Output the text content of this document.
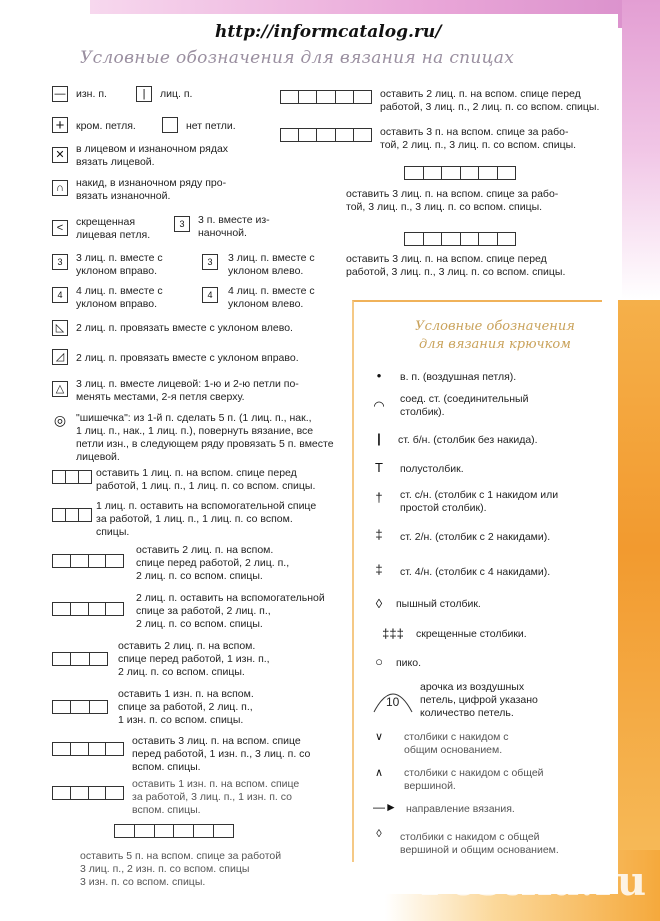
http://informcatalog.ru/
Условные обозначения для вязания на спицах
— изн. п.	|	лиц. п.
+	кром. петля.	нет петли.
✕	в лицевом и изнаночном рядах
вязать лицевой.
∩	накид, в изнаночном ряду про-
вязать изнаночной.
<	скрещенная
лицевая петля.
3	3 п. вместе из-
наночной.
3	3 лиц. п. вместе с
уклоном вправо.
3	3 лиц. п. вместе с
уклоном влево.
4	4 лиц. п. вместе с
уклоном вправо.
4	4 лиц. п. вместе с
уклоном влево.
◺	2 лиц. п. провязать вместе с уклоном влево.
◿	2 лиц. п. провязать вместе с уклоном вправо.
△	3 лиц. п. вместе лицевой: 1-ю и 2-ю петли по-
менять местами, 2-я петля сверху.
◎ "шишечка": из 1-й п. сделать 5 п. (1 лиц. п., нак.,
1 лиц. п., нак., 1 лиц. п.), повернуть вязание, все
петли изн., в следующем ряду провязать 5 п. вместе
лицевой.
оставить 1 лиц. п. на вспом. спице перед
работой, 1 лиц. п., 1 лиц. п. со вспом. спицы.
1 лиц. п. оставить на вспомогательной спице
за работой, 1 лиц. п., 1 лиц. п. со вспом.
спицы.
оставить 2 лиц. п. на вспом.
спице перед работой, 2 лиц. п.,
2 лиц. п. со вспом. спицы.
2 лиц. п. оставить на вспомогательной
спице за работой, 2 лиц. п.,
2 лиц. п. со вспом. спицы.
оставить 2 лиц. п. на вспом.
спице перед работой, 1 изн. п.,
2 лиц. п. со вспом. спицы.
оставить 1 изн. п. на вспом.
спице за работой, 2 лиц. п.,
1 изн. п. со вспом. спицы.
оставить 3 лиц. п. на вспом. спице
перед работой, 1 изн. п., 3 лиц. п. со
вспом. спицы.
оставить 1 изн. п. на вспом. спице
за работой, 3 лиц. п., 1 изн. п. со
вспом. спицы.
оставить 5 п. на вспом. спице за работой
3 лиц. п., 2 изн. п. со вспом. спицы
3 изн. п. со вспом. спицы.
оставить 2 лиц. п. на вспом. спице перед
работой, 3 лиц. п., 2 лиц. п. со вспом. спицы.
оставить 3 п. на вспом. спице за рабо-
той, 2 лиц. п., 3 лиц. п. со вспом. спицы.
оставить 3 лиц. п. на вспом. спице за рабо-
той, 3 лиц. п., 3 лиц. п. со вспом. спицы.
оставить 3 лиц. п. на вспом. спице перед
работой, 3 лиц. п., 3 лиц. п. со вспом. спицы.
Условные обозначения
для вязания крючком
•	в. п. (воздушная петля).
◠ соед. ст. (соединительный
столбик).
|	ст. б/н. (столбик без накида).
T полустолбик.
†	ст. с/н. (столбик с 1 накидом или
простой столбик).
‡	ст. 2/н. (столбик с 2 накидами).
‡	ст. 4/н. (столбик с 4 накидами).
◊	пышный столбик.
‡‡‡	скрещенные столбики.
○ пико.
10
арочка из воздушных
петель, цифрой указано
количество петель.
∨ столбики с накидом с
общим основанием.
∧ столбики с накидом с общей
вершиной.
—► направление вязания.
◊	столбики с накидом с общей
вершиной и общим основанием.
Postila.ru
